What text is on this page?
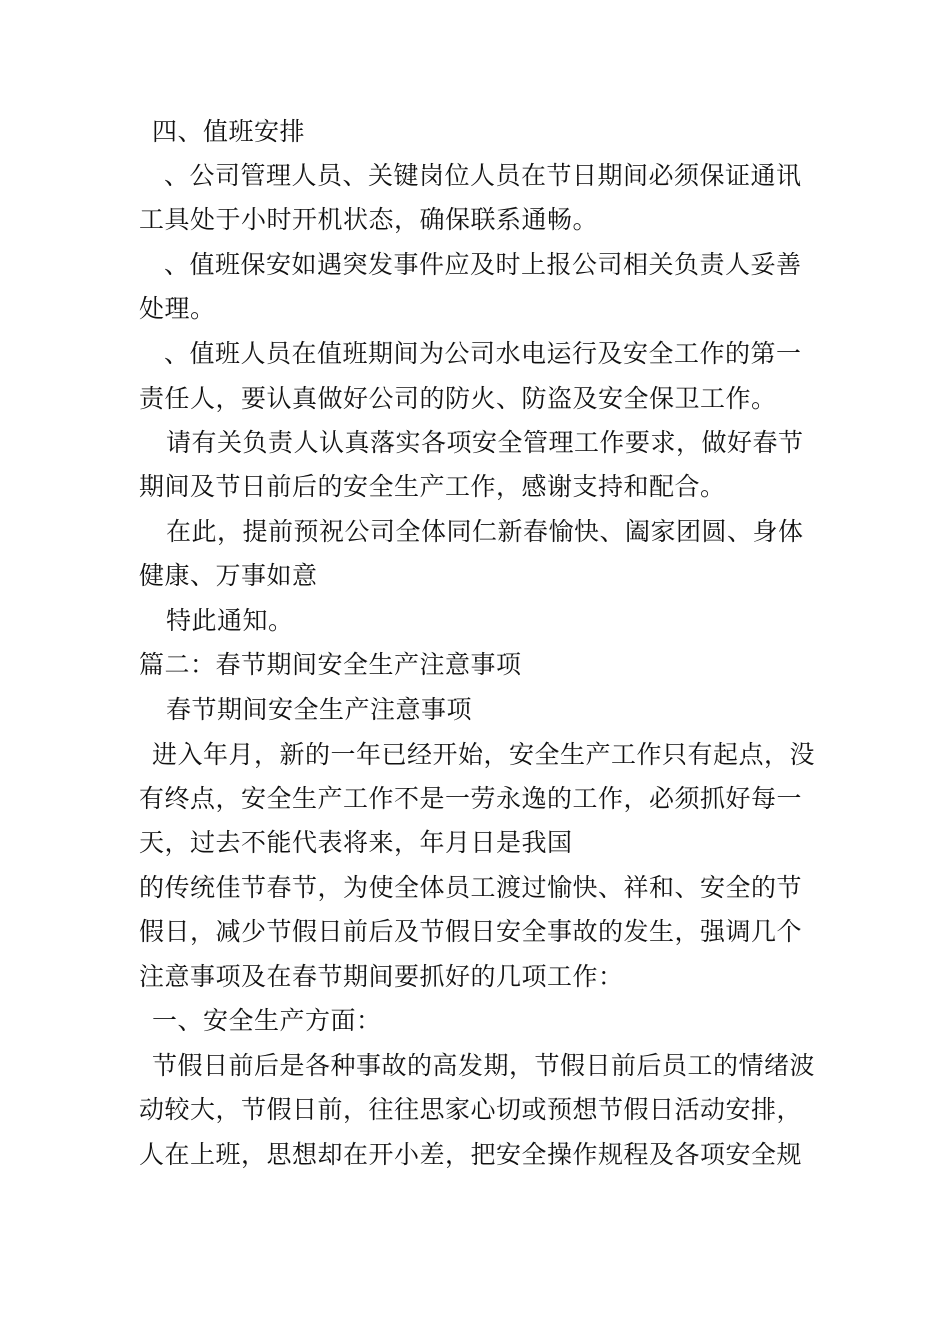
四、值班安排
、公司管理人员、关键岗位人员在节日期间必须保证通讯
工具处于小时开机状态，确保联系通畅。
、值班保安如遇突发事件应及时上报公司相关负责人妥善
处理。
、值班人员在值班期间为公司水电运行及安全工作的第一
责任人，要认真做好公司的防火、防盗及安全保卫工作。
请有关负责人认真落实各项安全管理工作要求，做好春节
期间及节日前后的安全生产工作，感谢支持和配合。
在此，提前预祝公司全体同仁新春愉快、阖家团圆、身体
健康、万事如意
特此通知。
篇二：春节期间安全生产注意事项
春节期间安全生产注意事项
进入年月，新的一年已经开始，安全生产工作只有起点，没
有终点，安全生产工作不是一劳永逸的工作，必须抓好每一
天，过去不能代表将来，年月日是我国
的传统佳节春节，为使全体员工渡过愉快、祥和、安全的节
假日，减少节假日前后及节假日安全事故的发生，强调几个
注意事项及在春节期间要抓好的几项工作：
一、安全生产方面：
节假日前后是各种事故的高发期，节假日前后员工的情绪波
动较大，节假日前，往往思家心切或预想节假日活动安排，
人在上班，思想却在开小差，把安全操作规程及各项安全规
